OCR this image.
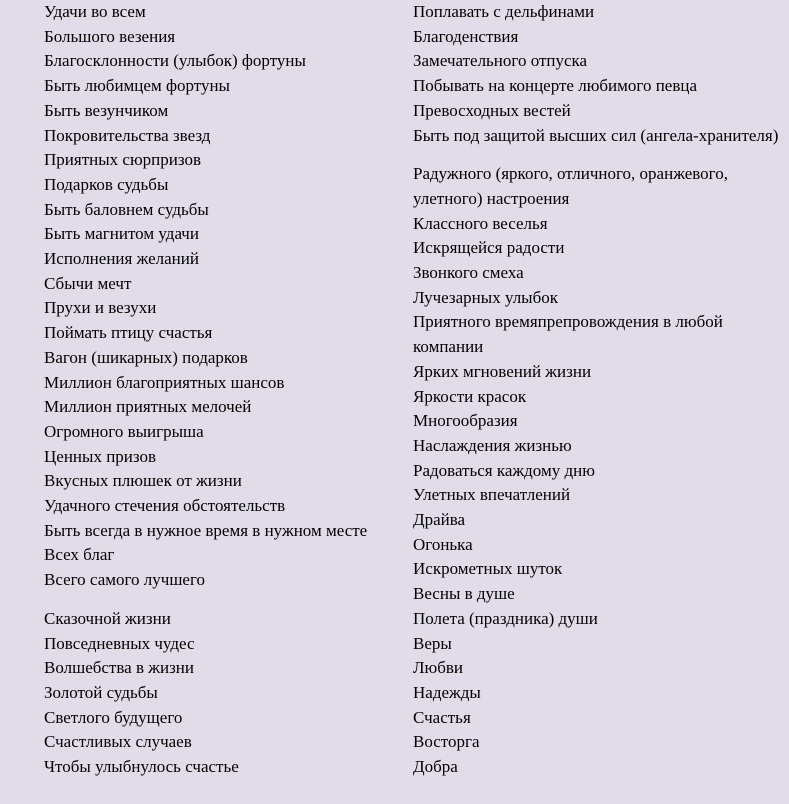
Удачи во всем
Большого везения
Благосклонности (улыбок) фортуны
Быть любимцем фортуны
Быть везунчиком
Покровительства звезд
Приятных сюрпризов
Подарков судьбы
Быть баловнем судьбы
Быть магнитом удачи
Исполнения желаний
Сбычи мечт
Прухи и везухи
Поймать птицу счастья
Вагон (шикарных) подарков
Миллион благоприятных шансов
Миллион приятных мелочей
Огромного выигрыша
Ценных призов
Вкусных плюшек от жизни
Удачного стечения обстоятельств
Быть всегда в нужное время в нужном месте
Всех благ
Всего самого лучшего
Сказочной жизни
Повседневных чудес
Волшебства в жизни
Золотой судьбы
Светлого будущего
Счастливых случаев
Чтобы улыбнулось счастье
Поплавать с дельфинами
Благоденствия
Замечательного отпуска
Побывать на концерте любимого певца
Превосходных вестей
Быть под защитой высших сил (ангела-хранителя)
Радужного (яркого, отличного, оранжевого, улетного) настроения
Классного веселья
Искрящейся радости
Звонкого смеха
Лучезарных улыбок
Приятного времяпрепровождения в любой компании
Ярких мгновений жизни
Яркости красок
Многообразия
Наслаждения жизнью
Радоваться каждому дню
Улетных впечатлений
Драйва
Огонька
Искрометных шуток
Весны в душе
Полета (праздника) души
Веры
Любви
Надежды
Счастья
Восторга
Добра
